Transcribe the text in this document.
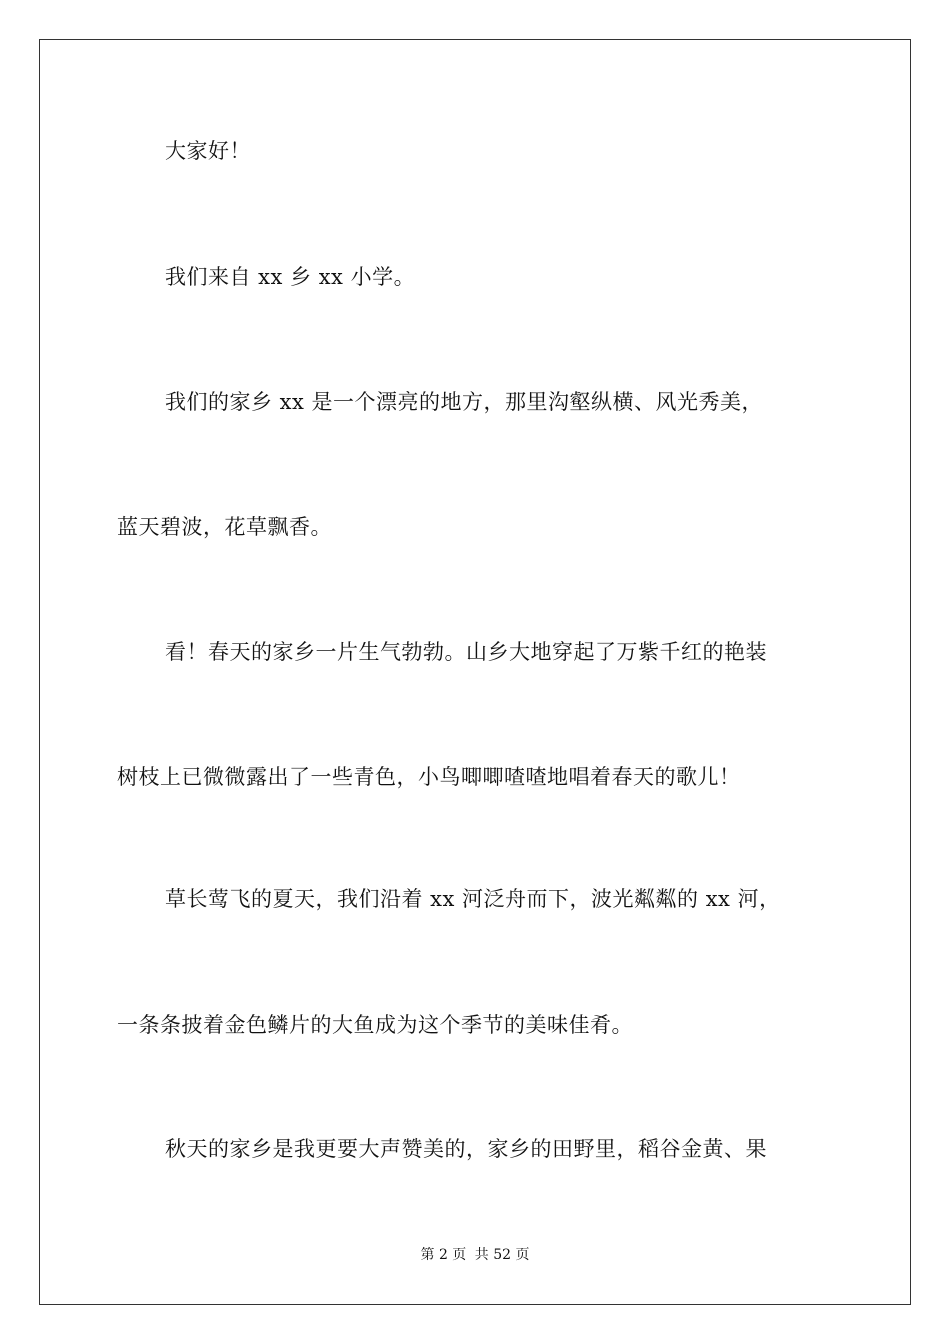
大家好！
我们来自 xx 乡 xx 小学。
我们的家乡 xx 是一个漂亮的地方，那里沟壑纵横、风光秀美，
蓝天碧波，花草飘香。
看！春天的家乡一片生气勃勃。山乡大地穿起了万紫千红的艳装
树枝上已微微露出了一些青色，小鸟唧唧喳喳地唱着春天的歌儿！
草长莺飞的夏天，我们沿着 xx 河泛舟而下，波光粼粼的 xx 河，
一条条披着金色鳞片的大鱼成为这个季节的美味佳肴。
秋天的家乡是我更要大声赞美的，家乡的田野里，稻谷金黄、果
第 2 页 共 52 页
